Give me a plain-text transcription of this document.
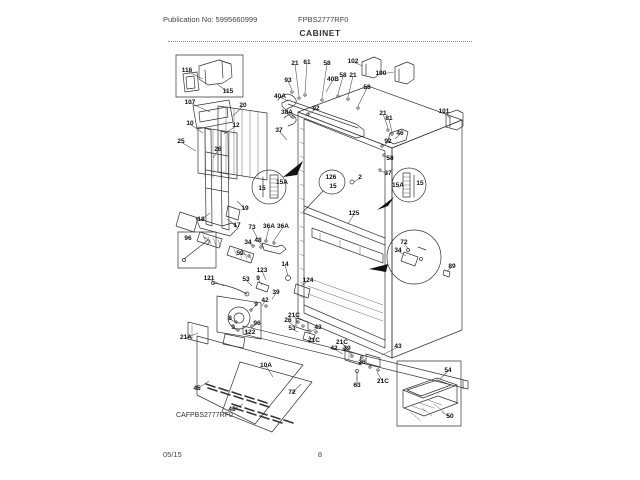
Publication No: 5995660999	FPBS2777RF0
CABINET
116
115
107	20
10	12
25
26
37
19
18
17
15
15A
21 61 58
93
40A
38A
92
40B
58 21
102
100
58
126
15
2
125
101
21
81
46
92
58
37
15A 15
72
34
89
73 36A 36A
34 48
59
123
14
9
53	124
39
42
9
121
96
21A
8
9
96
122
10A
72
45
45
21C
26
53	43
21C 21C
42 39	43
26
63
21C
54
50
CAFPBS2777RF0
05/15	8
